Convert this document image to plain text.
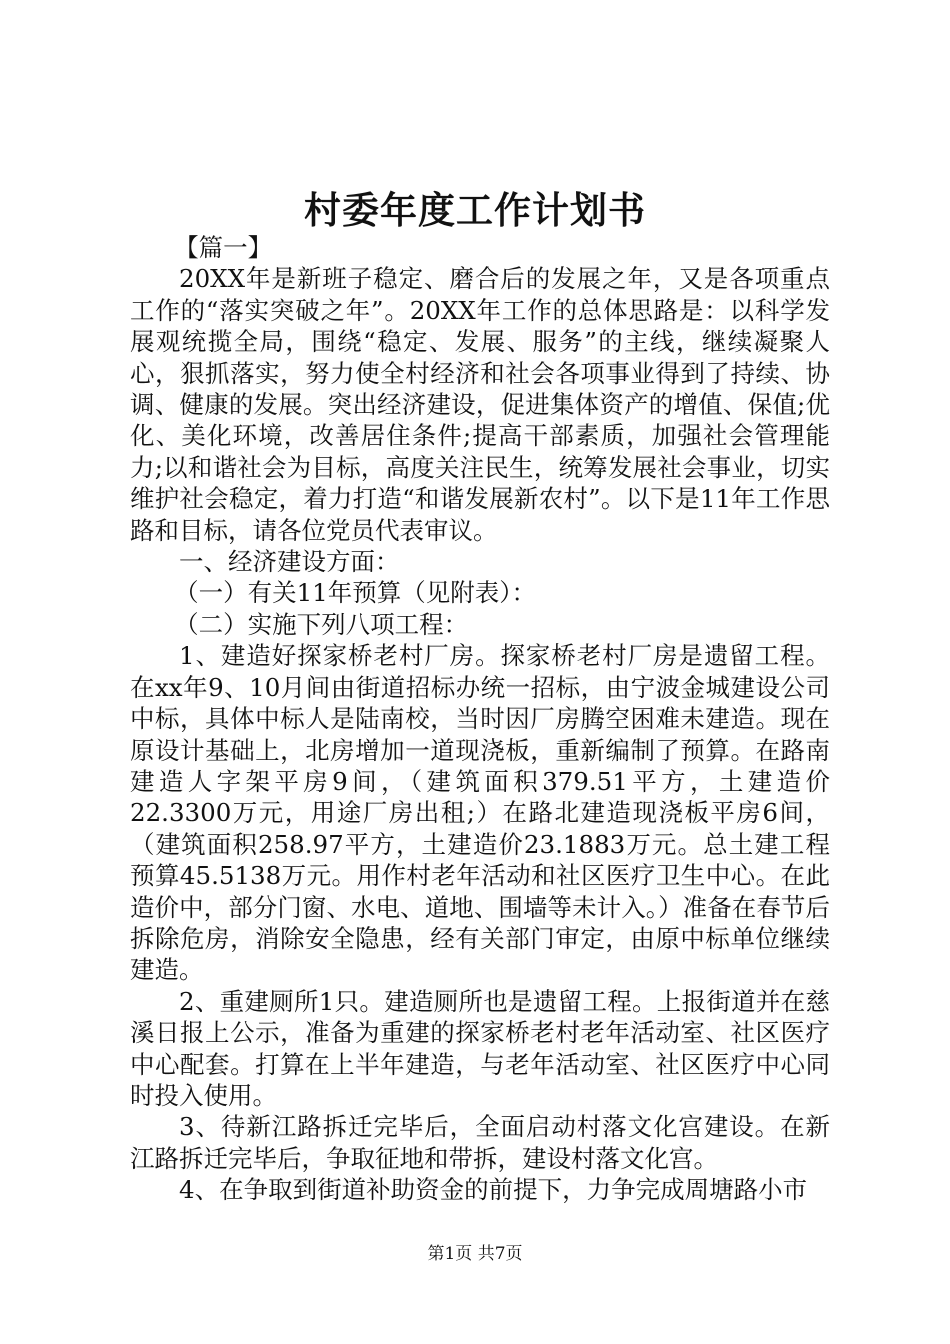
村委年度工作计划书

【篇一】

20XX年是新班子稳定、磨合后的发展之年，又是各项重点工作的“落实突破之年”。20XX年工作的总体思路是：以科学发展观统揽全局，围绕“稳定、发展、服务”的主线，继续凝聚人心，狠抓落实，努力使全村经济和社会各项事业得到了持续、协调、健康的发展。突出经济建设，促进集体资产的增值、保值;优化、美化环境，改善居住条件;提高干部素质，加强社会管理能力;以和谐社会为目标，高度关注民生，统筹发展社会事业，切实维护社会稳定，着力打造“和谐发展新农村”。以下是11年工作思路和目标，请各位党员代表审议。

一、经济建设方面：

（一）有关11年预算（见附表）：

（二）实施下列八项工程：

1、建造好探家桥老村厂房。探家桥老村厂房是遗留工程。在xx年9、10月间由街道招标办统一招标，由宁波金城建设公司中标，具体中标人是陆南校，当时因厂房腾空困难未建造。现在原设计基础上，北房增加一道现浇板，重新编制了预算。在路南建造人字架平房9间，（建筑面积379.51平方，土建造价22.3300万元，用途厂房出租;）在路北建造现浇板平房6间，（建筑面积258.97平方，土建造价23.1883万元。总土建工程预算45.5138万元。用作村老年活动和社区医疗卫生中心。在此造价中，部分门窗、水电、道地、围墙等未计入。）准备在春节后拆除危房，消除安全隐患，经有关部门审定，由原中标单位继续建造。

2、重建厕所1只。建造厕所也是遗留工程。上报街道并在慈溪日报上公示，准备为重建的探家桥老村老年活动室、社区医疗中心配套。打算在上半年建造，与老年活动室、社区医疗中心同时投入使用。

3、待新江路拆迁完毕后，全面启动村落文化宫建设。在新江路拆迁完毕后，争取征地和带拆，建设村落文化宫。

4、在争取到街道补助资金的前提下，力争完成周塘路小市

第1页 共7页
